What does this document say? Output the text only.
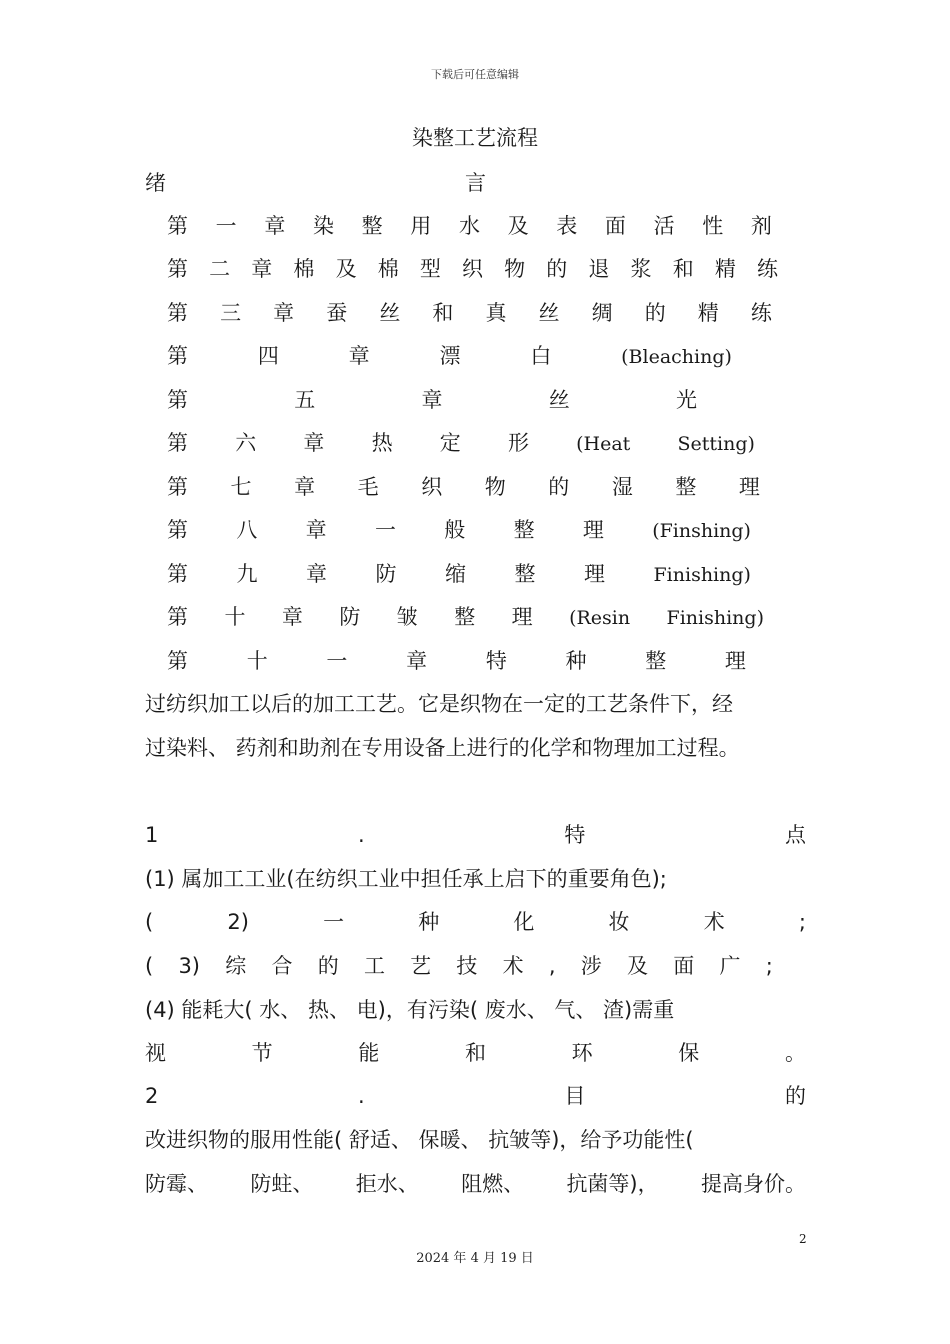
下载后可任意编辑
染整工艺流程
绪	言
第 一 章 染 整 用 水 及 表 面 活 性 剂
第 二 章 棉 及 棉 型 织 物 的 退 浆 和 精 练
第 三 章 蚕 丝 和 真 丝 绸 的 精 练
第	四	章	漂	白	(Bleaching)
第	五	章	丝	光
第 六 章 热 定 形 (Heat Setting)
第 七 章 毛 织 物 的 湿 整 理
第 八 章 一 般 整 理	(Finshing)
第 九 章 防 缩 整 理	Finishing)
第 十 章 防 皱 整 理 (Resin Finishing)
第	十	一	章	特	种	整	理
过纺织加工以后的加工工艺。它是织物在一定的工艺条件下，经
过染料、 药剂和助剂在专用设备上进行的化学和物理加工过程。
1	.	特	点
(1) 属加工工业(在纺织工业中担任承上启下的重要角色);
(	2)	一	种	化	妆	术	;
( 3) 综 合 的 工 艺 技 术 , 涉 及 面 广 ;
(4) 能耗大( 水、 热、 电)，有污染( 废水、 气、 渣)需重
视	节	能	和	环	保	。
2	.	目	的
改进织物的服用性能( 舒适、 保暖、 抗皱等)，给予功能性(
防霉、 防蛀、 拒水、 阻燃、 抗菌等)， 提高身价。
2
2024 年 4 月 19 日
